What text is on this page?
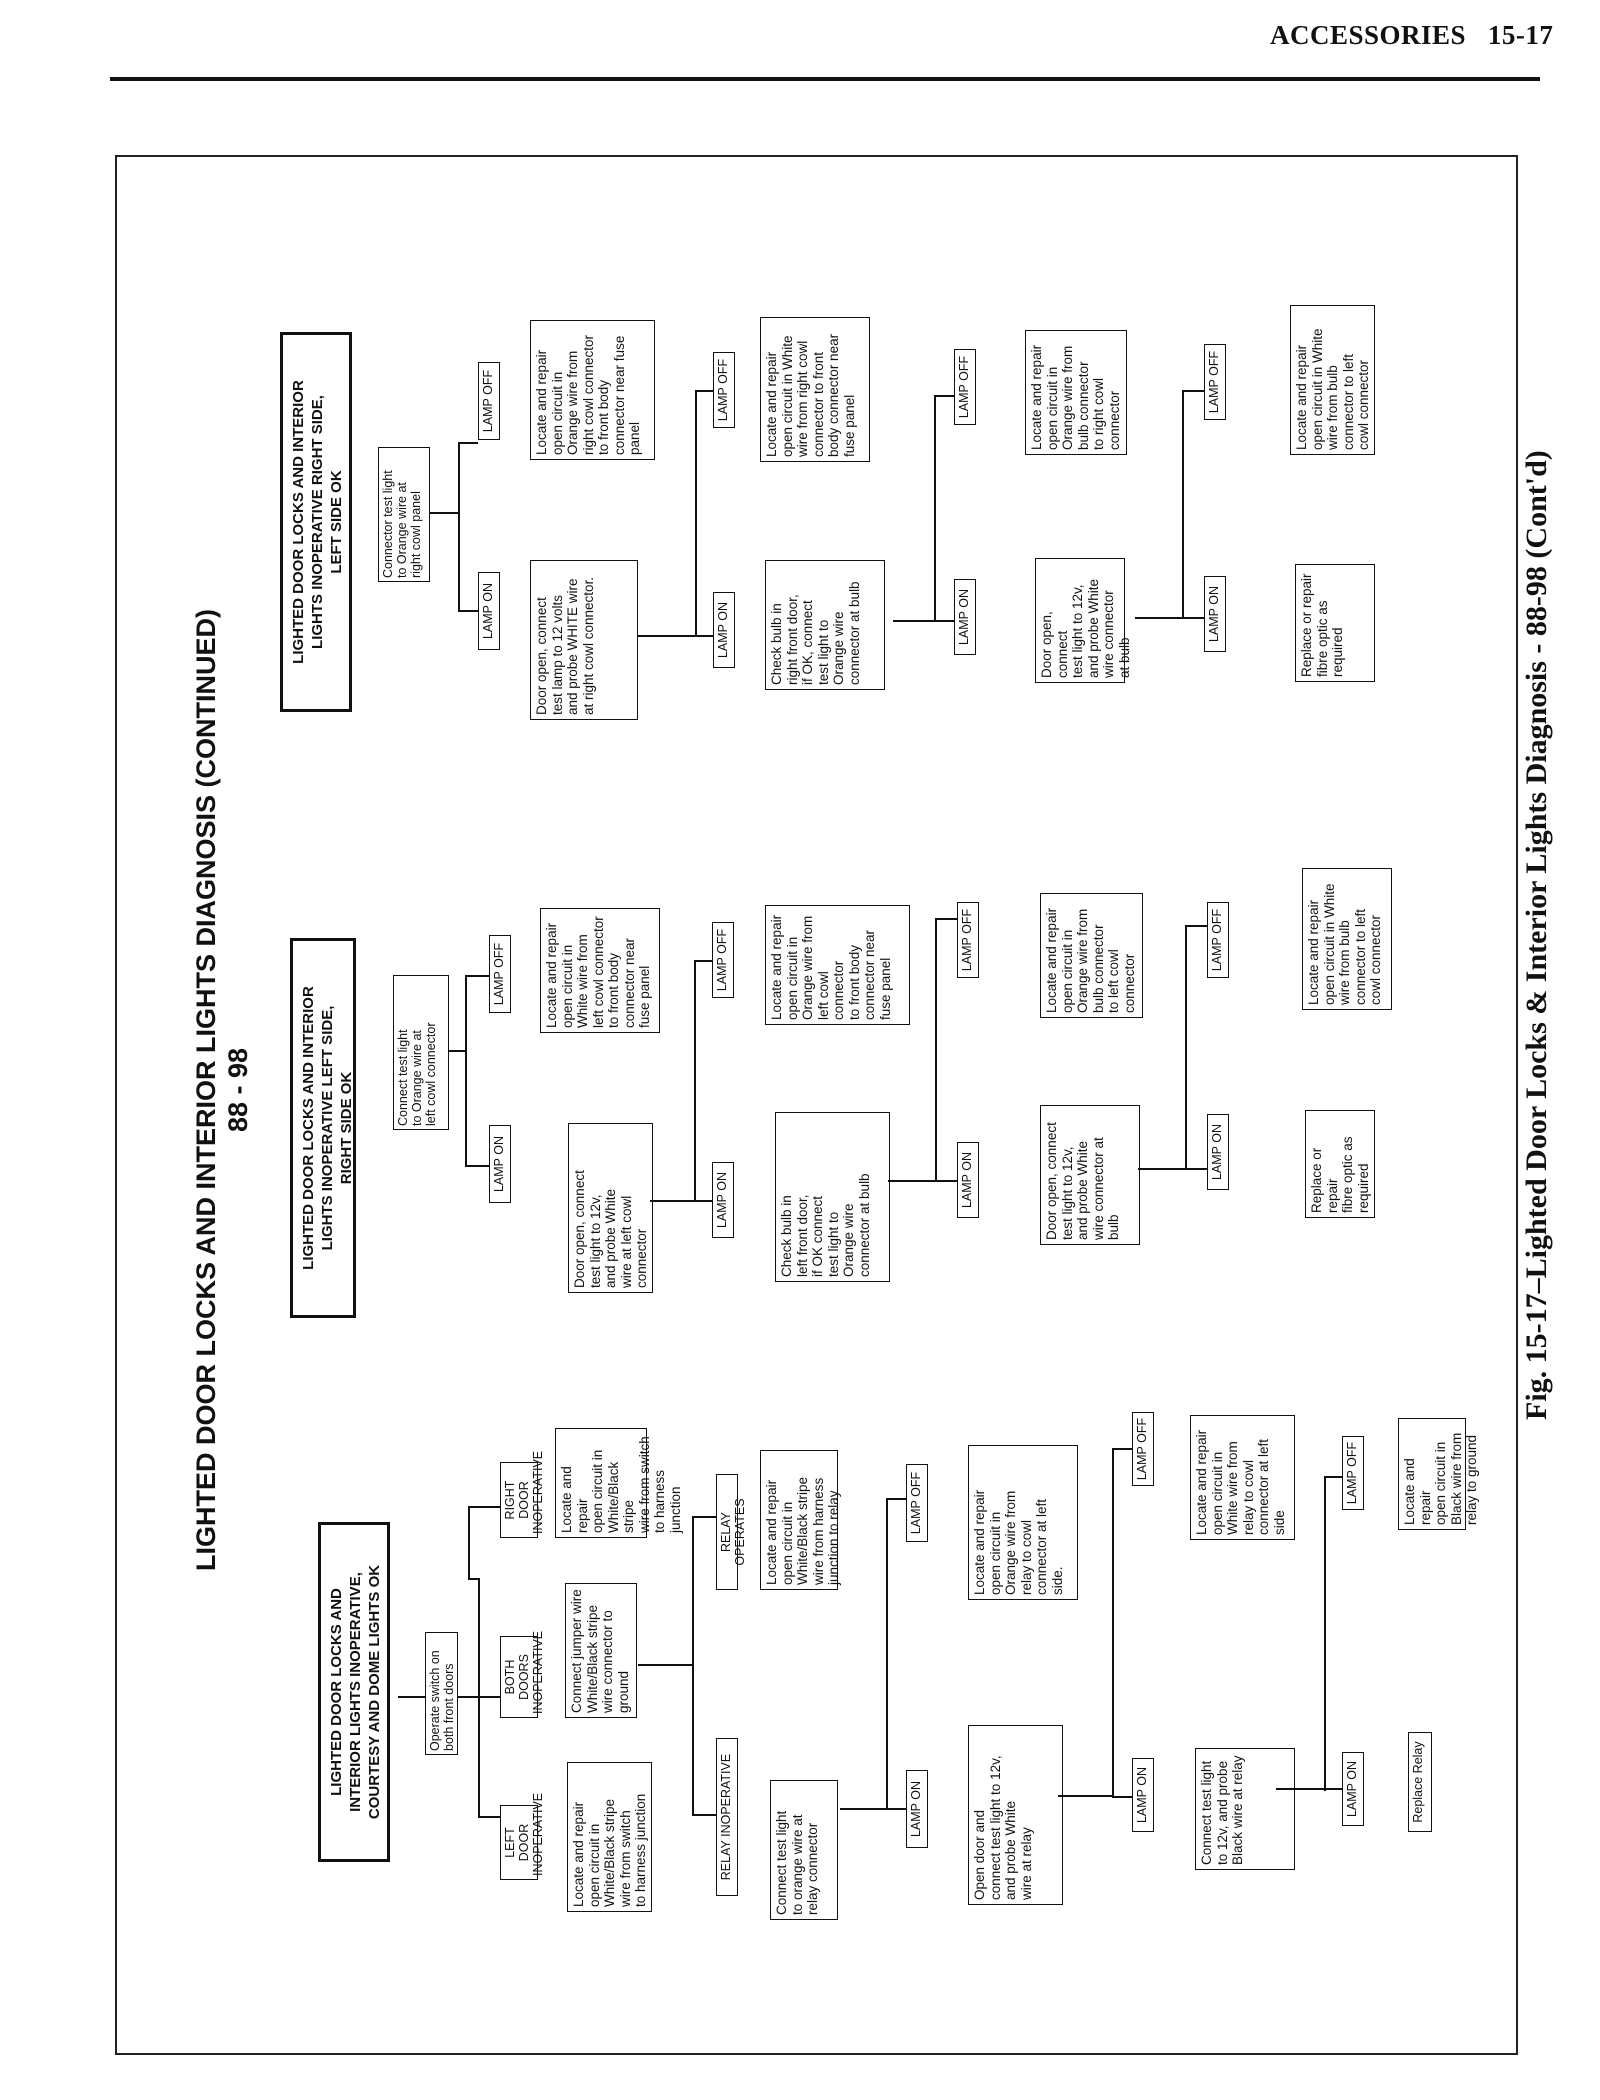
ACCESSORIES 15-17
LIGHTED DOOR LOCKS AND INTERIOR LIGHTS DIAGNOSIS (CONTINUED)
88 - 98
LIGHTED DOOR LOCKS AND
INTERIOR LIGHTS INOPERATIVE,
COURTESY AND DOME LIGHTS OK
Operate switch on
both front doors
LEFT DOOR
INOPERATIVE
Locate and repair
open circuit in
White/Black stripe
wire from switch
to harness junction
BOTH DOORS
INOPERATIVE Connect jumper wire
White/Black stripe
wire connector to
ground
RIGHT DOOR
INOPERATIVE Locate and repair
open circuit in
White/Black stripe
wire from switch
to harness junction
RELAY INOPERATIVE
Connect test light
to orange wire at
relay connector
RELAY OPERATES Locate and repair
open circuit in
White/Black stripe
wire from harness
junction to relay
LAMP ON
Open door and
connect test light to 12v,
and probe White
wire at relay
LAMP OFF
Locate and repair
open circuit in
Orange wire from
relay to cowl
connector at left
side.
LAMP ON
Connect test light
to 12v, and probe
Black wire at relay
LAMP OFF
Locate and repair
open circuit in
White wire from
relay to cowl
connector at left
side
LAMP ON	Replace Relay
LAMP OFF
Locate and repair
open circuit in
Black wire from
relay to ground
LIGHTED DOOR LOCKS AND INTERIOR
LIGHTS INOPERATIVE LEFT SIDE,
RIGHT SIDE OK	Connect test light
to Orange wire at
left cowl connector
LAMP ON
Door open, connect
test light to 12v,
and probe White
wire at left cowl
connector
LAMP OFF
Locate and repair
open circuit in
White wire from
left cowl connector
to front body
connector near
fuse panel
LAMP ON
Check bulb in
left front door,
if OK connect
test light to
Orange wire
connector at bulb
LAMP OFF
Locate and repair
open circuit in
Orange wire from
left cowl connector
to front body
connector near
fuse panel
LAMP ON
Door open, connect
test light to 12v,
and probe White
wire connector at
bulb
LAMP OFF
Locate and repair
open circuit in
Orange wire from
bulb connector
to left cowl
connector
LAMP ON
Replace or repair
fibre optic as
required
LAMP OFF
Locate and repair
open circuit in White
wire from bulb
connector to left
cowl connector
LIGHTED DOOR LOCKS AND INTERIOR
LIGHTS INOPERATIVE RIGHT SIDE,
LEFT SIDE OK
Connector test light
to Orange wire at
right cowl panel
LAMP ON
Door open, connect
test lamp to 12 volts
and probe WHITE wire
at right cowl connector.
LAMP OFF
Locate and repair
open circuit in
Orange wire from
right cowl connector
to front body
connector near fuse
panel
LAMP ON
Check bulb in
right front door,
if OK, connect
test light to
Orange wire
connector at bulb
LAMP OFF
Locate and repair
open circuit in White
wire from right cowl
connector to front
body connector near
fuse panel
LAMP ON
Door open, connect
test light to 12v,
and probe White
wire connector
at bulb
LAMP OFF
Locate and repair
open circuit in
Orange wire from
bulb connector
to right cowl
connector
LAMP ON
Replace or repair
fibre optic as
required
LAMP OFF
Locate and repair
open circuit in White
wire from bulb
connector to left
cowl connector
Fig. 15-17–Lighted Door Locks & Interior Lights Diagnosis - 88-98 (Cont'd)
